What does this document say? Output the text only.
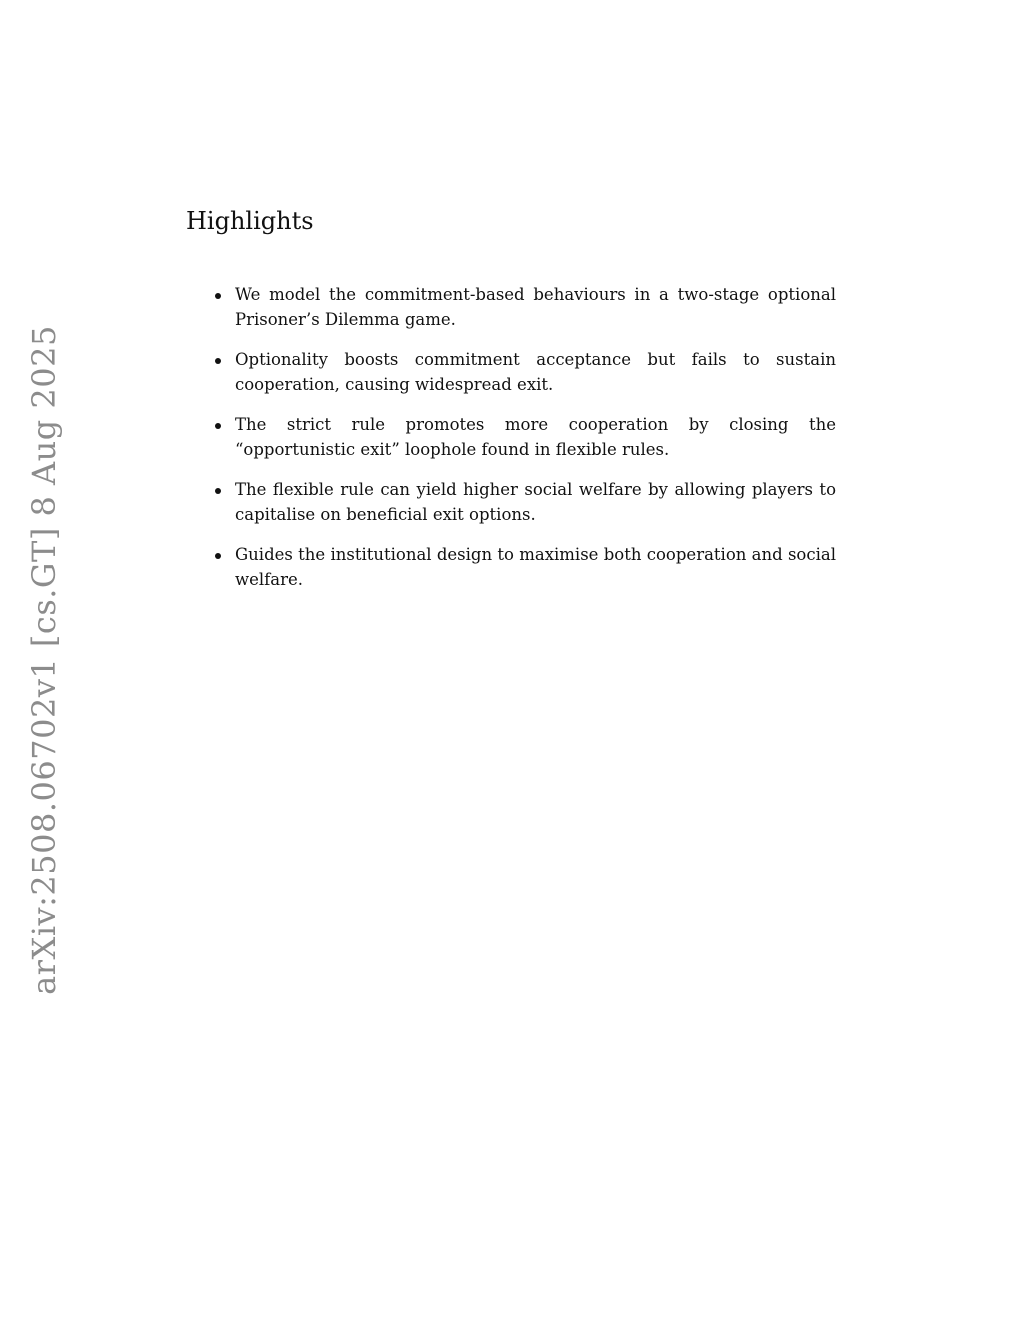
arXiv:2508.06702v1 [cs.GT] 8 Aug 2025
Highlights
We model the commitment-based behaviours in a two-stage optional Prisoner’s Dilemma game.
Optionality boosts commitment acceptance but fails to sustain cooperation, causing widespread exit.
The strict rule promotes more cooperation by closing the “opportunistic exit” loophole found in flexible rules.
The flexible rule can yield higher social welfare by allowing players to capitalise on beneficial exit options.
Guides the institutional design to maximise both cooperation and social welfare.
